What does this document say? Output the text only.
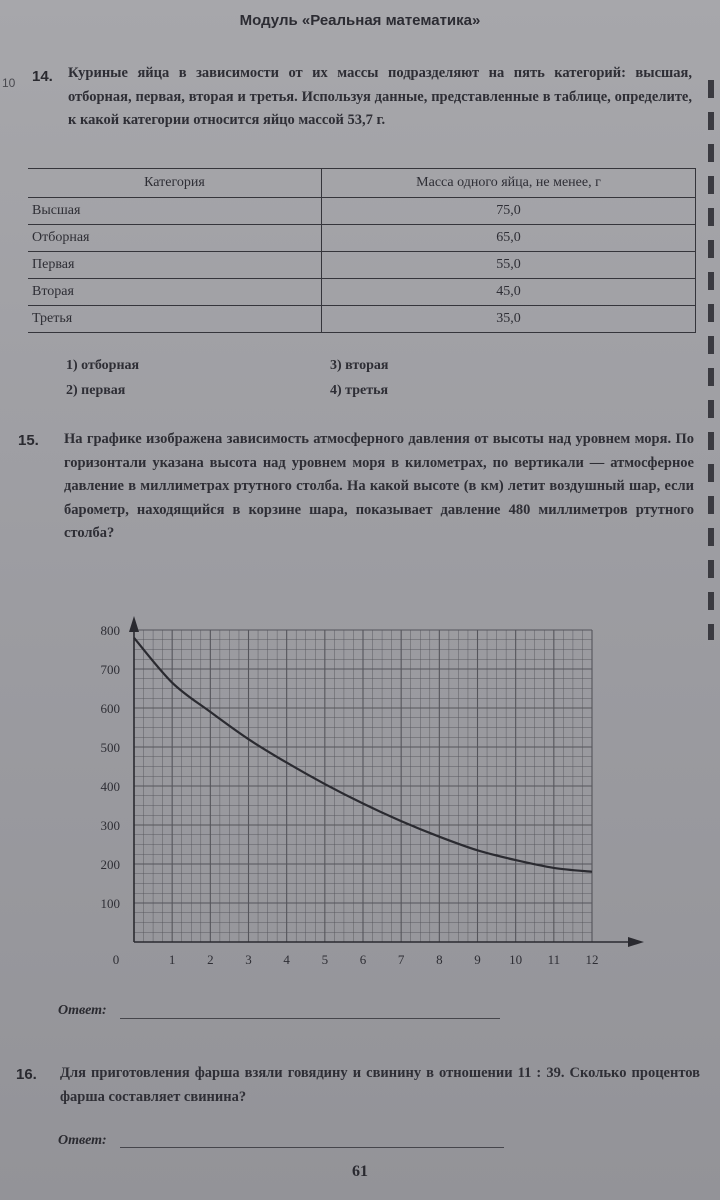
Модуль «Реальная математика»
10 14. Куриные яйца в зависимости от их массы подразделяют на пять категорий: высшая, отборная, первая, вторая и третья. Используя данные, представленные в таблице, определите, к какой категории относится яйцо массой 53,7 г.
Категория	Масса одного яйца, не менее, г
Высшая	75,0
Отборная	65,0
Первая	55,0
Вторая	45,0
Третья	35,0
1) отборная	3) вторая
2) первая	4) третья
15. На графике изображена зависимость атмосферного давления от высоты над уровнем моря. По горизонтали указана высота над уровнем моря в километрах, по вертикали — атмосферное давление в миллиметрах ртутного столба. На какой высоте (в км) летит воздушный шар, если барометр, находящийся в корзине шара, показывает давление 480 миллиметров ртутного столба?
0	1 2 3 4 5 6 7 8 9 10 11 12
100
200
300
400
500
600
700
800
Ответ:
16. Для приготовления фарша взяли говядину и свинину в отношении 11 : 39. Сколько процентов фарша составляет свинина?
Ответ:
61
